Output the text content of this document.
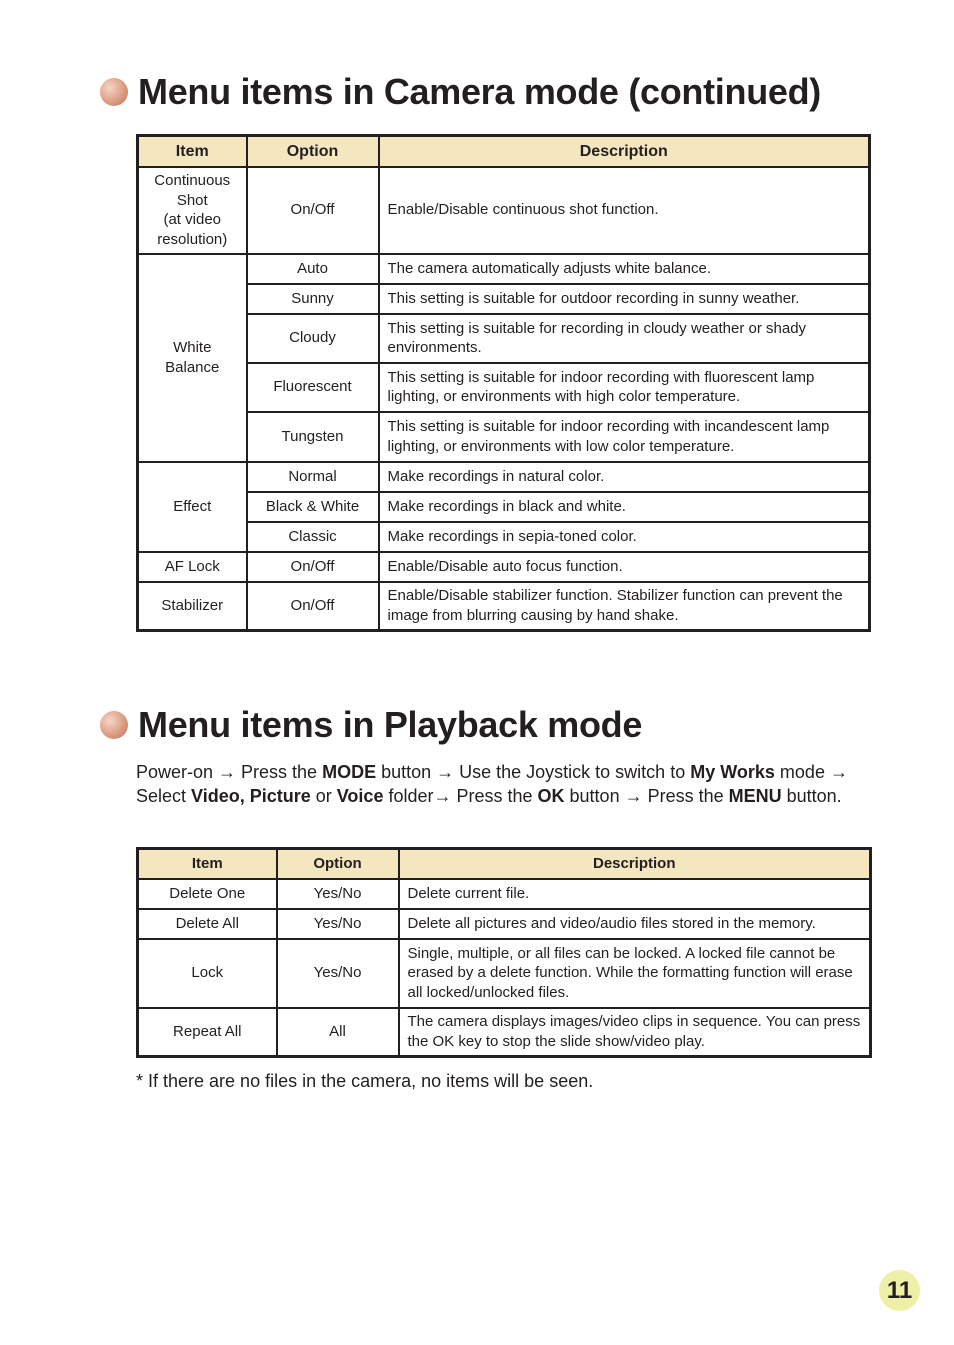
Menu items in Camera mode (continued)
Item	Option	Description
Continuous
Shot
(at video
resolution)	On/Off	Enable/Disable continuous shot function.
White
Balance	Auto	The camera automatically adjusts white balance.
	Sunny	This setting is suitable for outdoor recording in sunny weather.
	Cloudy	This setting is suitable for recording in cloudy weather or shady environments.
	Fluorescent	This setting is suitable for indoor recording with fluorescent lamp lighting, or environments with high color temperature.
	Tungsten	This setting is suitable for indoor recording with incandescent lamp lighting, or environments with low color temperature.
Effect	Normal	Make recordings in natural color.
	Black & White	Make recordings in black and white.
	Classic	Make recordings in sepia-toned color.
AF Lock	On/Off	Enable/Disable auto focus function.
Stabilizer	On/Off	Enable/Disable stabilizer function. Stabilizer function can prevent the image from blurring causing by hand shake.
Menu items in Playback mode

Power-on → Press the MODE button → Use the Joystick to switch to My Works mode → Select Video, Picture or Voice folder→ Press the OK button → Press the MENU button.

Item	Option	Description
Delete One	Yes/No	Delete current file.
Delete All	Yes/No	Delete all pictures and video/audio files stored in the memory.
Lock	Yes/No	Single, multiple, or all files can be locked. A locked file cannot be erased by a delete function. While the formatting function will erase all locked/unlocked files.
Repeat All	All	The camera displays images/video clips in sequence. You can press the OK key to stop the slide show/video play.

* If there are no files in the camera, no items will be seen.

11
